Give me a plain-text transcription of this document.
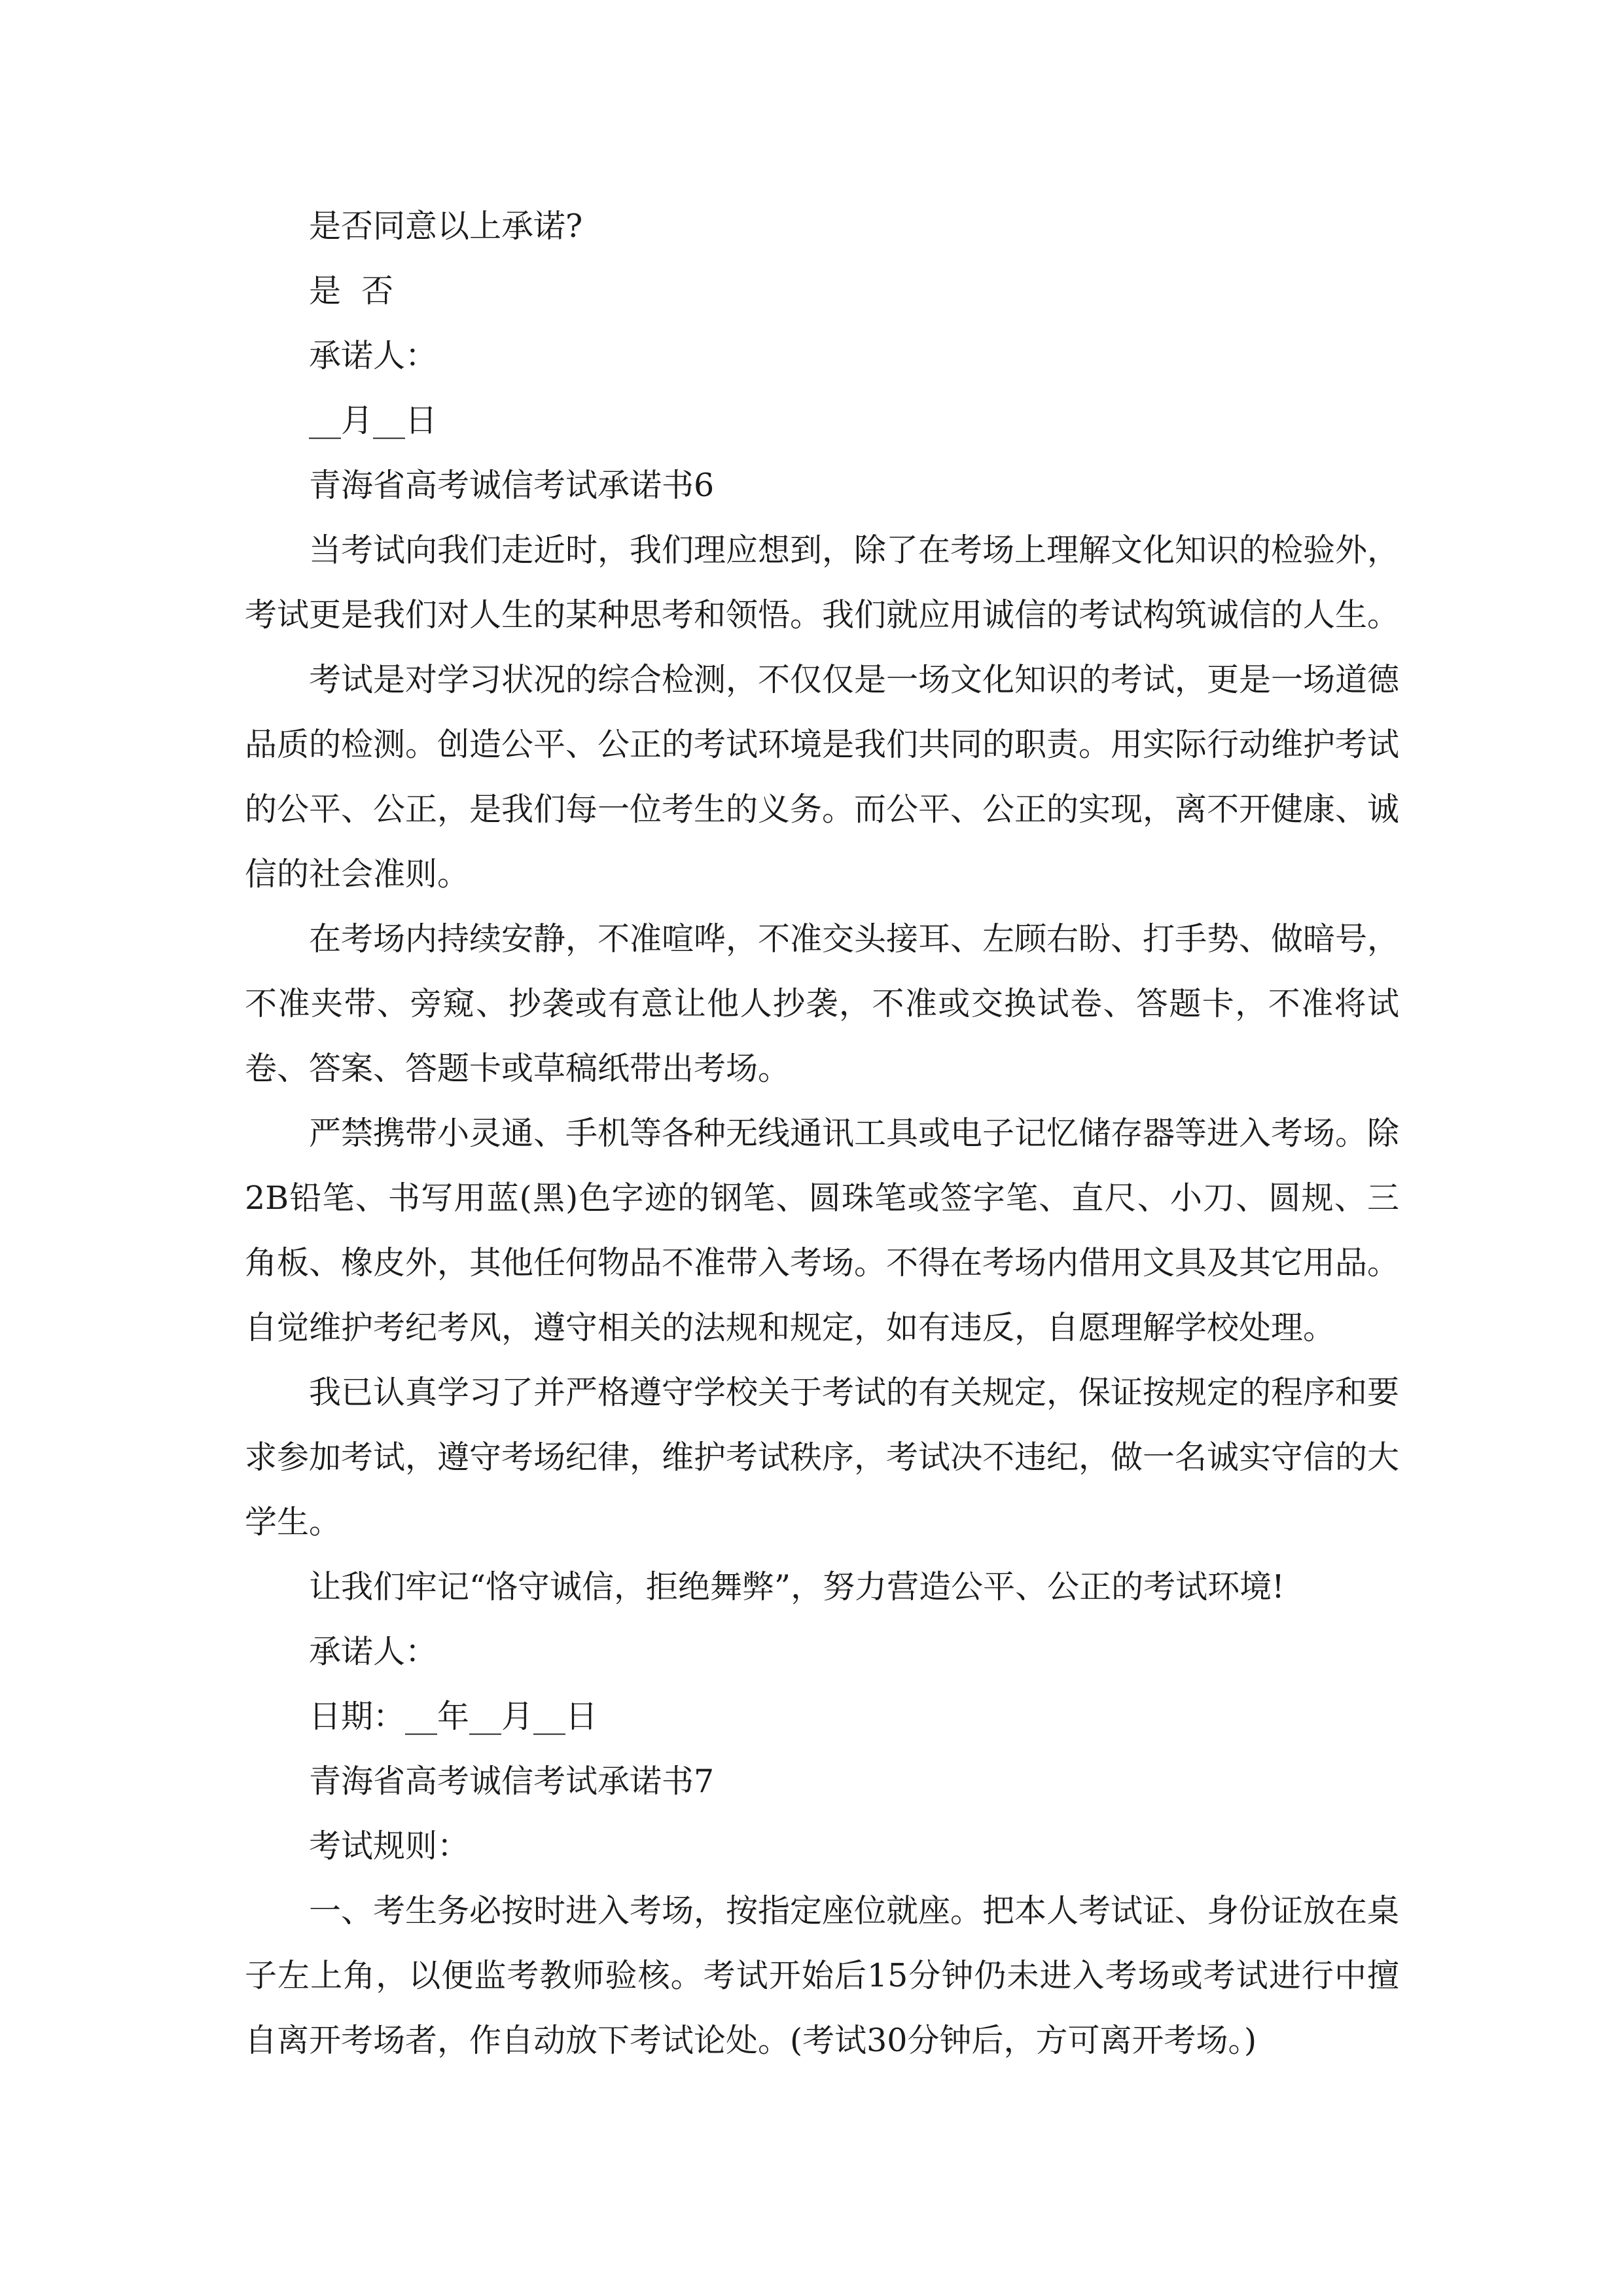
是否同意以上承诺?

是  否

承诺人：

__月__日

青海省高考诚信考试承诺书6

当考试向我们走近时，我们理应想到，除了在考场上理解文化知识的检验外，考试更是我们对人生的某种思考和领悟。我们就应用诚信的考试构筑诚信的人生。

考试是对学习状况的综合检测，不仅仅是一场文化知识的考试，更是一场道德品质的检测。创造公平、公正的考试环境是我们共同的职责。用实际行动维护考试的公平、公正，是我们每一位考生的义务。而公平、公正的实现，离不开健康、诚信的社会准则。

在考场内持续安静，不准喧哗，不准交头接耳、左顾右盼、打手势、做暗号，不准夹带、旁窥、抄袭或有意让他人抄袭，不准或交换试卷、答题卡，不准将试卷、答案、答题卡或草稿纸带出考场。

严禁携带小灵通、手机等各种无线通讯工具或电子记忆储存器等进入考场。除2B铅笔、书写用蓝(黑)色字迹的钢笔、圆珠笔或签字笔、直尺、小刀、圆规、三角板、橡皮外，其他任何物品不准带入考场。不得在考场内借用文具及其它用品。自觉维护考纪考风，遵守相关的法规和规定，如有违反，自愿理解学校处理。

我已认真学习了并严格遵守学校关于考试的有关规定，保证按规定的程序和要求参加考试，遵守考场纪律，维护考试秩序，考试决不违纪，做一名诚实守信的大学生。

让我们牢记“恪守诚信，拒绝舞弊”，努力营造公平、公正的考试环境!

承诺人：

日期：__年__月__日

青海省高考诚信考试承诺书7

考试规则：

一、考生务必按时进入考场，按指定座位就座。把本人考试证、身份证放在桌子左上角，以便监考教师验核。考试开始后15分钟仍未进入考场或考试进行中擅自离开考场者，作自动放下考试论处。(考试30分钟后，方可离开考场。)
